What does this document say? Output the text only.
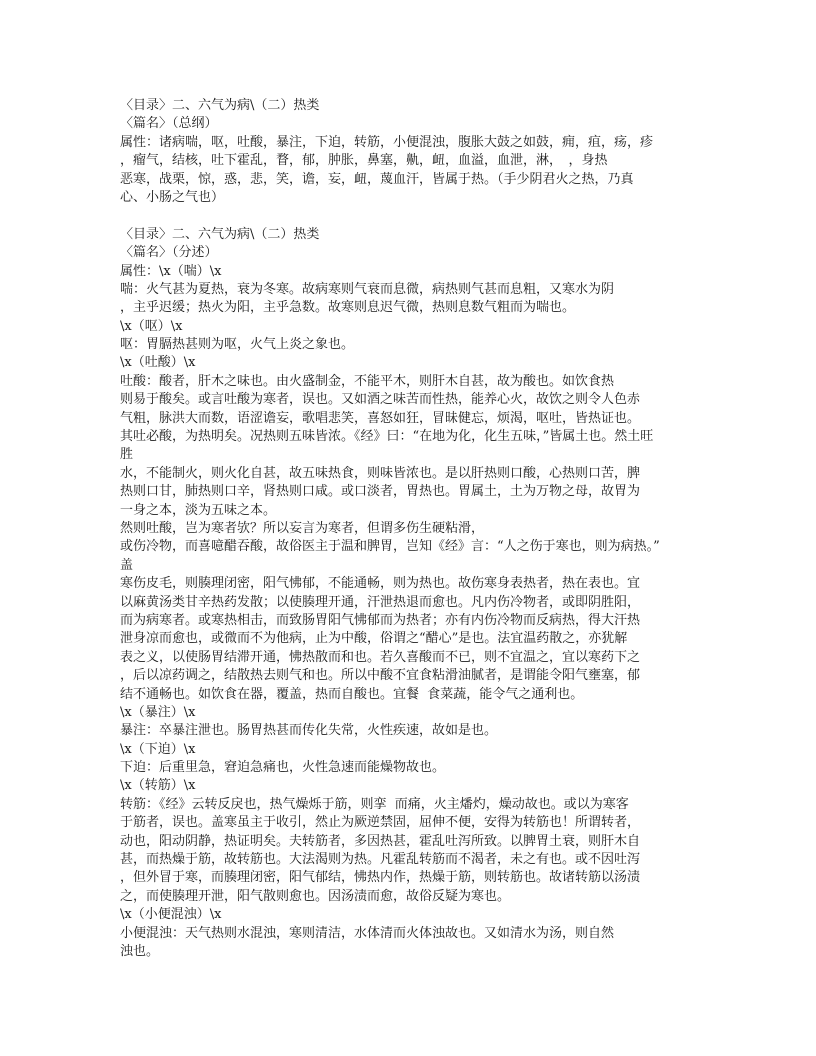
〈目录〉二、六气为病\（二）热类
〈篇名〉（总纲）
属性：诸病喘，呕，吐酸，暴注，下迫，转筋，小便混浊，腹胀大鼓之如鼓，痈，疽，疡，疹
，瘤气，结核，吐下霍乱，瞀，郁，肿胀，鼻塞，鼽，衄，血溢，血泄，淋，　，身热
恶寒，战栗，惊，惑，悲，笑，谵，妄，衄，蔑血汗，皆属于热。（手少阴君火之热，乃真
心、小肠之气也）
〈目录〉二、六气为病\（二）热类
〈篇名〉（分述）
属性：\x（喘）\x
喘：火气甚为夏热，衰为冬寒。故病寒则气衰而息微，病热则气甚而息粗，又寒水为阴
，主乎迟缓；热火为阳，主乎急数。故寒则息迟气微，热则息数气粗而为喘也。
\x（呕）\x
呕：胃膈热甚则为呕，火气上炎之象也。
\x（吐酸）\x
吐酸：酸者，肝木之味也。由火盛制金，不能平木，则肝木自甚，故为酸也。如饮食热
则易于酸矣。或言吐酸为寒者，误也。又如酒之味苦而性热，能养心火，故饮之则令人色赤
气粗，脉洪大而数，语涩谵妄，歌唱悲笑，喜怒如狂，冒昧健忘，烦渴，呕吐，皆热证也。
其吐必酸，为热明矣。况热则五味皆浓。《经》曰：“在地为化，化生五味，”皆属土也。然土旺
胜
水，不能制火，则火化自甚，故五味热食，则味皆浓也。是以肝热则口酸，心热则口苦，脾
热则口甘，肺热则口辛，肾热则口咸。或口淡者，胃热也。胃属土，土为万物之母，故胃为
一身之本，淡为五味之本。
然则吐酸，岂为寒者欤？所以妄言为寒者，但谓多伤生硬粘滑，
或伤冷物，而喜噫醋吞酸，故俗医主于温和脾胃，岂知《经》言：“人之伤于寒也，则为病热。”
盖
寒伤皮毛，则腠理闭密，阳气怫郁，不能通畅，则为热也。故伤寒身表热者，热在表也。宜
以麻黄汤类甘辛热药发散；以使腠理开通，汗泄热退而愈也。凡内伤冷物者，或即阴胜阳，
而为病寒者。或寒热相击，而致肠胃阳气怫郁而为热者；亦有内伤冷物而反病热，得大汗热
泄身凉而愈也，或微而不为他病，止为中酸，俗谓之“醋心”是也。法宜温药散之，亦犹解
表之义，以使肠胃结滞开通，怫热散而和也。若久喜酸而不已，则不宜温之，宜以寒药下之
，后以凉药调之，结散热去则气和也。所以中酸不宜食粘滑油腻者，是谓能令阳气壅塞，郁
结不通畅也。如饮食在器，覆盖，热而自酸也。宜餐  食菜蔬，能令气之通利也。
\x（暴注）\x
暴注：卒暴注泄也。肠胃热甚而传化失常，火性疾速，故如是也。
\x（下迫）\x
下迫：后重里急，窘迫急痛也，火性急速而能燥物故也。
\x（转筋）\x
转筋：《经》云转反戾也，热气燥烁于筋，则挛  而痛，火主燔灼，燥动故也。或以为寒客
于筋者，误也。盖寒虽主于收引，然止为厥逆禁固，屈伸不便，安得为转筋也！所谓转者，
动也，阳动阴静，热证明矣。夫转筋者，多因热甚，霍乱吐泻所致。以脾胃土衰，则肝木自
甚，而热燥于筋，故转筋也。大法渴则为热。凡霍乱转筋而不渴者，未之有也。或不因吐泻
，但外冒于寒，而腠理闭密，阳气郁结，怫热内作，热燥于筋，则转筋也。故诸转筋以汤渍
之，而使腠理开泄，阳气散则愈也。因汤渍而愈，故俗反疑为寒也。
\x（小便混浊）\x
小便混浊：天气热则水混浊，寒则清洁，水体清而火体浊故也。又如清水为汤，则自然
浊也。
